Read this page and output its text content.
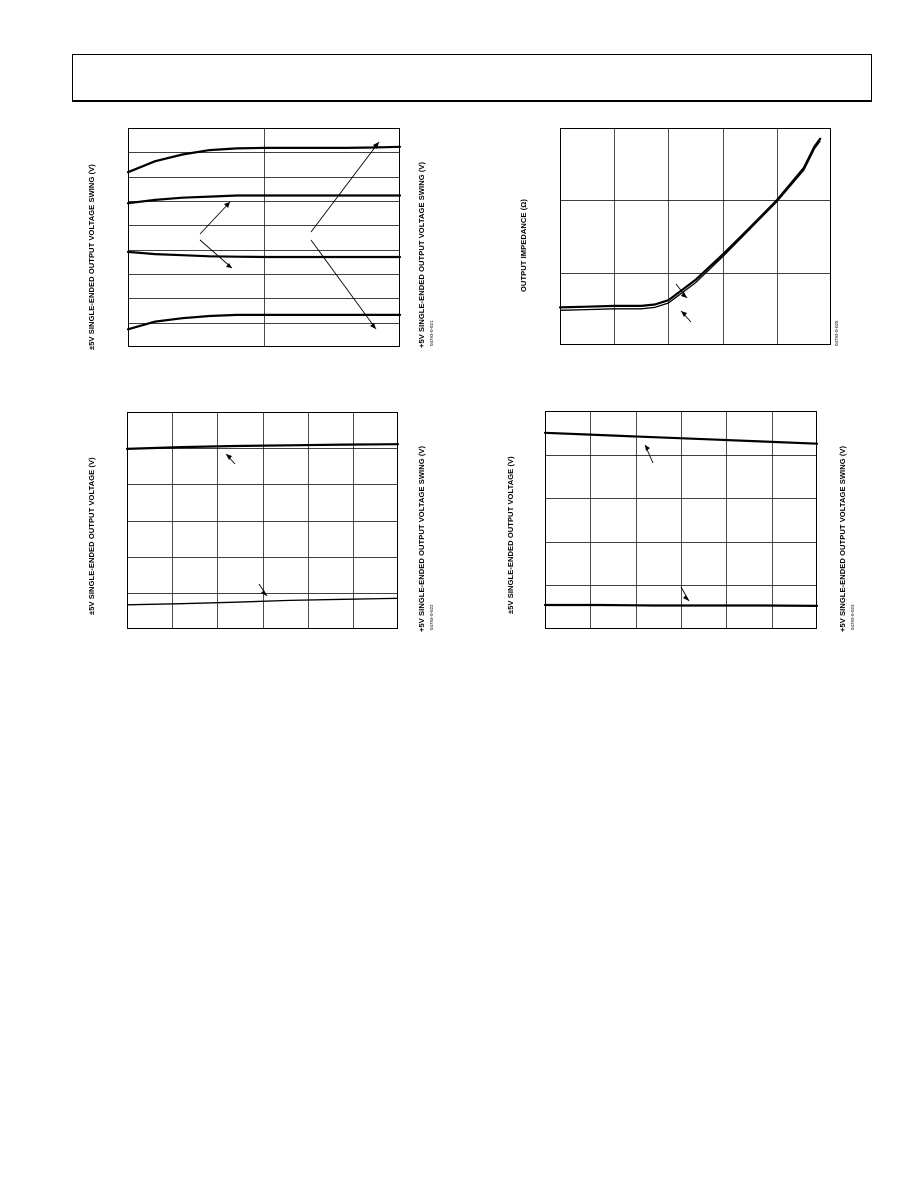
±5V SINGLE-ENDED OUTPUT VOLTAGE SWING (V)	+5V SINGLE-ENDED OUTPUT VOLTAGE SWING (V) 04793-0-021
OUTPUT IMPEDANCE (Ω)
04793-0-025
±5V SINGLE-ENDED OUTPUT VOLTAGE (V)	+5V SINGLE-ENDED OUTPUT VOLTAGE SWING (V) 04793-0-022
±5V SINGLE-ENDED OUTPUT VOLTAGE (V)	+5V SINGLE-ENDED OUTPUT VOLTAGE SWING (V) 04793-0-023
